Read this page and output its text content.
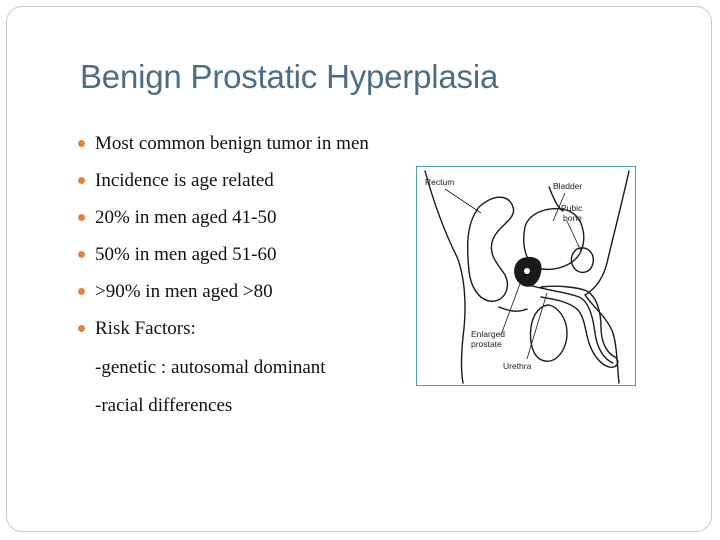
Benign Prostatic Hyperplasia
Most common benign tumor in men
Incidence is age related
20% in men aged 41-50
50% in men aged 51-60
>90% in men aged >80
Risk Factors:
-genetic : autosomal dominant
-racial differences
Rectum	Bladder
Pubic
bone
Enlarged
prostate
Urethra
